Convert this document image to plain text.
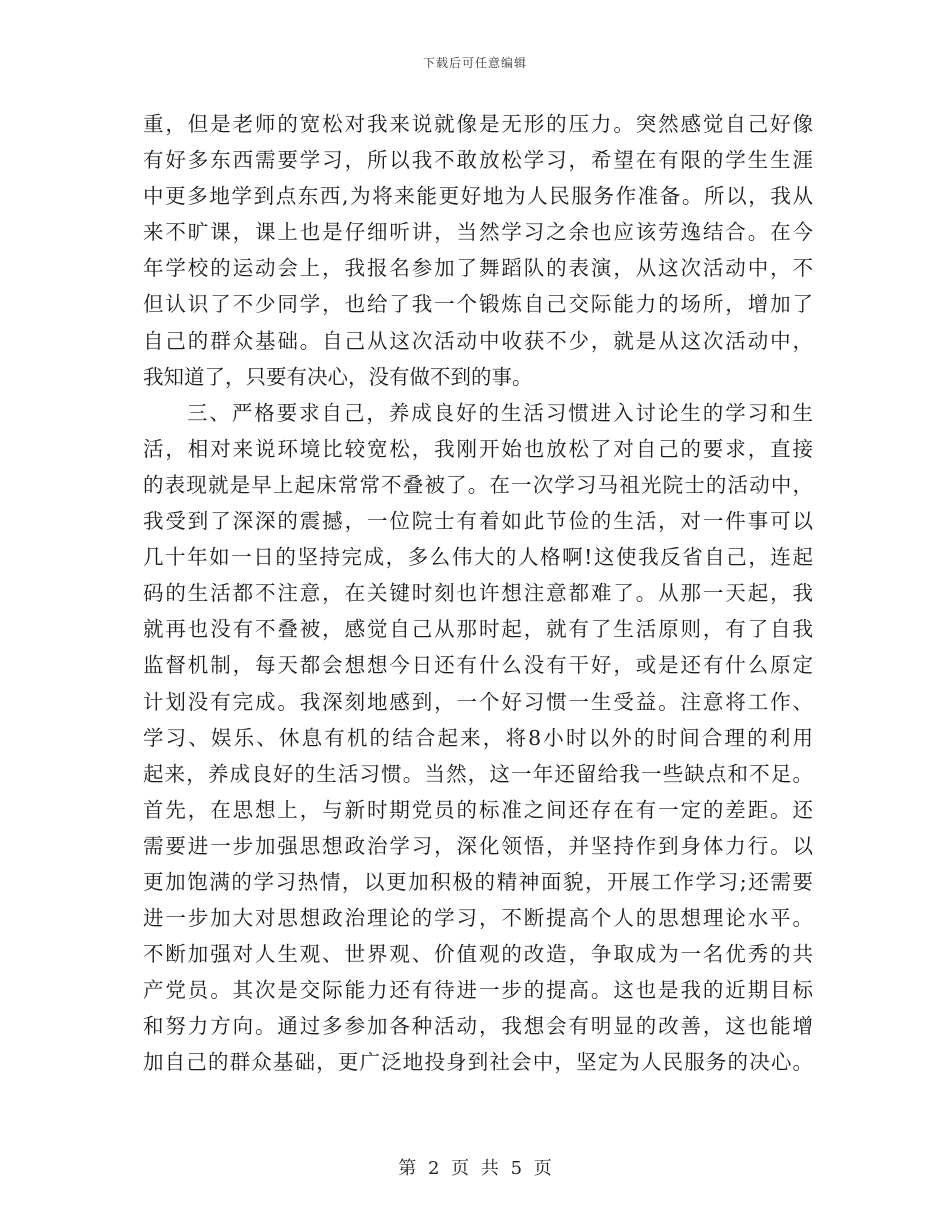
下载后可任意编辑
重，但是老师的宽松对我来说就像是无形的压力。突然感觉自己好像
有好多东西需要学习，所以我不敢放松学习，希望在有限的学生生涯
中更多地学到点东西,为将来能更好地为人民服务作准备。所以，我从
来不旷课，课上也是仔细听讲，当然学习之余也应该劳逸结合。在今
年学校的运动会上，我报名参加了舞蹈队的表演，从这次活动中，不
但认识了不少同学，也给了我一个锻炼自己交际能力的场所，增加了
自己的群众基础。自己从这次活动中收获不少，就是从这次活动中，
我知道了，只要有决心，没有做不到的事。
三、严格要求自己，养成良好的生活习惯进入讨论生的学习和生
活，相对来说环境比较宽松，我刚开始也放松了对自己的要求，直接
的表现就是早上起床常常不叠被了。在一次学习马祖光院士的活动中，
我受到了深深的震撼，一位院士有着如此节俭的生活，对一件事可以
几十年如一日的坚持完成，多么伟大的人格啊!这使我反省自己，连起
码的生活都不注意，在关键时刻也许想注意都难了。从那一天起，我
就再也没有不叠被，感觉自己从那时起，就有了生活原则，有了自我
监督机制，每天都会想想今日还有什么没有干好，或是还有什么原定
计划没有完成。我深刻地感到，一个好习惯一生受益。注意将工作、
学习、娱乐、休息有机的结合起来，将8小时以外的时间合理的利用
起来，养成良好的生活习惯。当然，这一年还留给我一些缺点和不足。
首先，在思想上，与新时期党员的标准之间还存在有一定的差距。还
需要进一步加强思想政治学习，深化领悟，并坚持作到身体力行。以
更加饱满的学习热情，以更加积极的精神面貌，开展工作学习;还需要
进一步加大对思想政治理论的学习，不断提高个人的思想理论水平。
不断加强对人生观、世界观、价值观的改造，争取成为一名优秀的共
产党员。其次是交际能力还有待进一步的提高。这也是我的近期目标
和努力方向。通过多参加各种活动，我想会有明显的改善，这也能增
加自己的群众基础，更广泛地投身到社会中，坚定为人民服务的决心。
第 2 页 共 5 页
